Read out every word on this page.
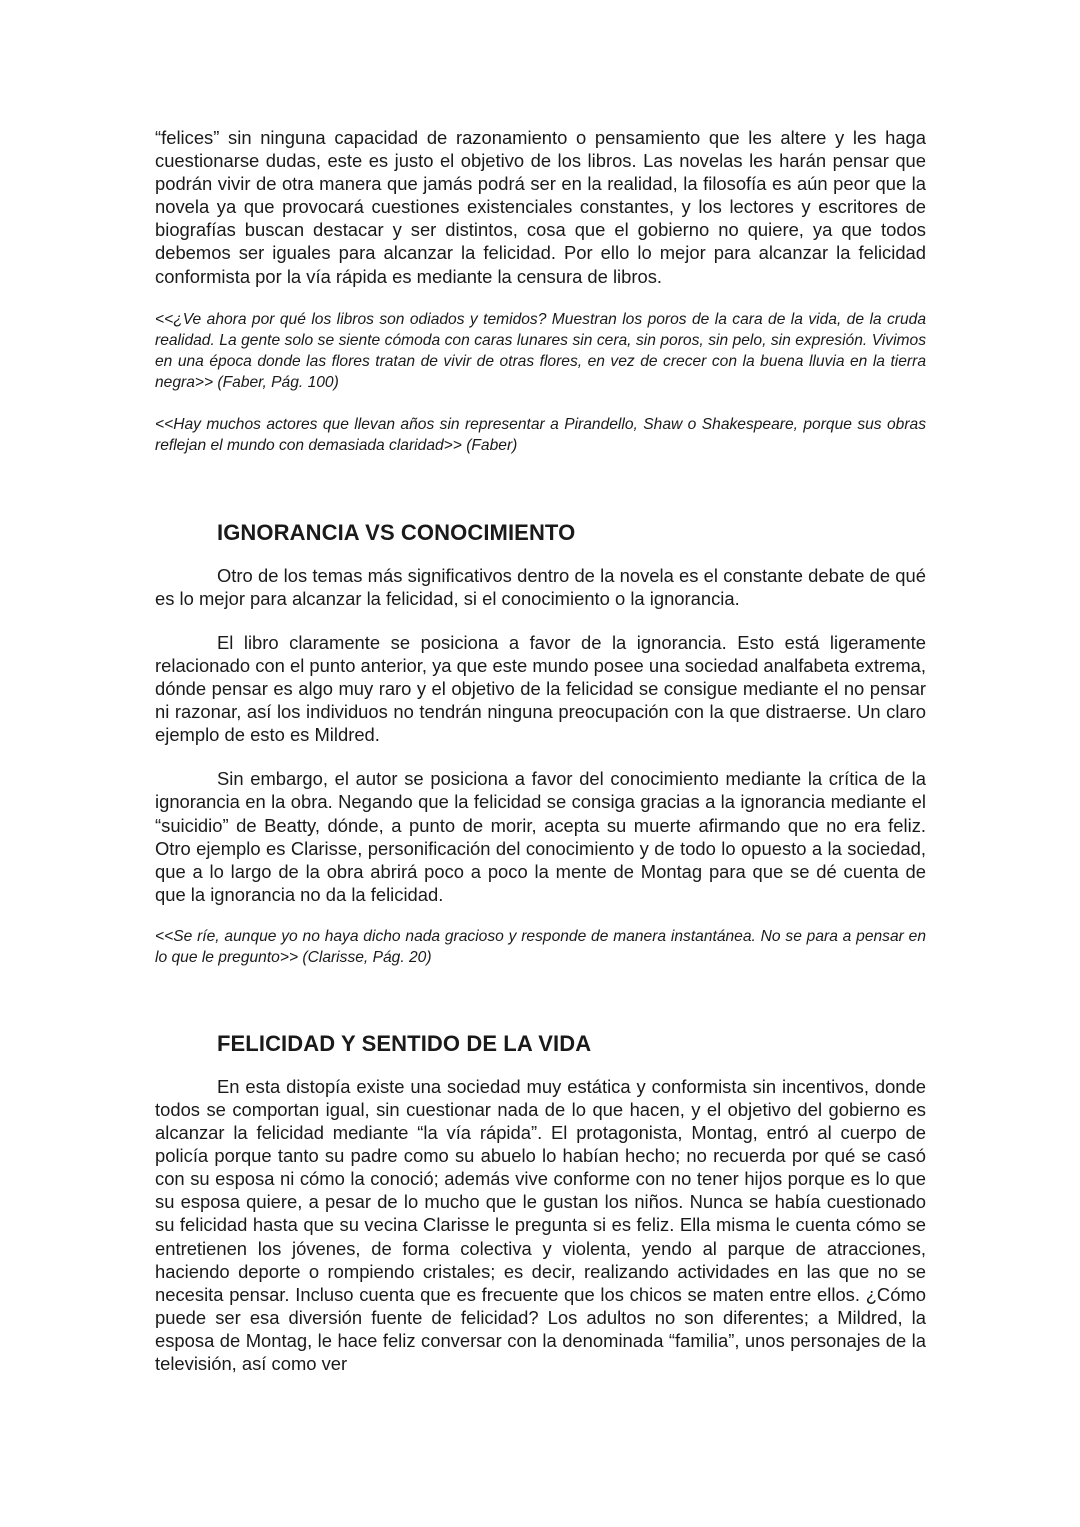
“felices” sin ninguna capacidad de razonamiento o pensamiento que les altere y les haga cuestionarse dudas, este es justo el objetivo de los libros. Las novelas les harán pensar que podrán vivir de otra manera que jamás podrá ser en la realidad, la filosofía es aún peor que la novela ya que provocará cuestiones existenciales constantes, y los lectores y escritores de biografías buscan destacar y ser distintos, cosa que el gobierno no quiere, ya que todos debemos ser iguales para alcanzar la felicidad. Por ello lo mejor para alcanzar la felicidad conformista por la vía rápida es mediante la censura de libros.

<<¿Ve ahora por qué los libros son odiados y temidos? Muestran los poros de la cara de la vida, de la cruda realidad. La gente solo se siente cómoda con caras lunares sin cera, sin poros, sin pelo, sin expresión. Vivimos en una época donde las flores tratan de vivir de otras flores, en vez de crecer con la buena lluvia en la tierra negra>> (Faber, Pág. 100)

<<Hay muchos actores que llevan años sin representar a Pirandello, Shaw o Shakespeare, porque sus obras reflejan el mundo con demasiada claridad>> (Faber)

IGNORANCIA VS CONOCIMIENTO

Otro de los temas más significativos dentro de la novela es el constante debate de qué es lo mejor para alcanzar la felicidad, si el conocimiento o la ignorancia.

El libro claramente se posiciona a favor de la ignorancia. Esto está ligeramente relacionado con el punto anterior, ya que este mundo posee una sociedad analfabeta extrema, dónde pensar es algo muy raro y el objetivo de la felicidad se consigue mediante el no pensar ni razonar, así los individuos no tendrán ninguna preocupación con la que distraerse. Un claro ejemplo de esto es Mildred.

Sin embargo, el autor se posiciona a favor del conocimiento mediante la crítica de la ignorancia en la obra. Negando que la felicidad se consiga gracias a la ignorancia mediante el “suicidio” de Beatty, dónde, a punto de morir, acepta su muerte afirmando que no era feliz. Otro ejemplo es Clarisse, personificación del conocimiento y de todo lo opuesto a la sociedad, que a lo largo de la obra abrirá poco a poco la mente de Montag para que se dé cuenta de que la ignorancia no da la felicidad.

<<Se ríe, aunque yo no haya dicho nada gracioso y responde de manera instantánea. No se para a pensar en lo que le pregunto>> (Clarisse, Pág. 20)

FELICIDAD Y SENTIDO DE LA VIDA

En esta distopía existe una sociedad muy estática y conformista sin incentivos, donde todos se comportan igual, sin cuestionar nada de lo que hacen, y el objetivo del gobierno es alcanzar la felicidad mediante “la vía rápida”. El protagonista, Montag, entró al cuerpo de policía porque tanto su padre como su abuelo lo habían hecho; no recuerda por qué se casó con su esposa ni cómo la conoció; además vive conforme con no tener hijos porque es lo que su esposa quiere, a pesar de lo mucho que le gustan los niños. Nunca se había cuestionado su felicidad hasta que su vecina Clarisse le pregunta si es feliz. Ella misma le cuenta cómo se entretienen los jóvenes, de forma colectiva y violenta, yendo al parque de atracciones, haciendo deporte o rompiendo cristales; es decir, realizando actividades en las que no se necesita pensar. Incluso cuenta que es frecuente que los chicos se maten entre ellos. ¿Cómo puede ser esa diversión fuente de felicidad? Los adultos no son diferentes; a Mildred, la esposa de Montag, le hace feliz conversar con la denominada “familia”, unos personajes de la televisión, así como ver
